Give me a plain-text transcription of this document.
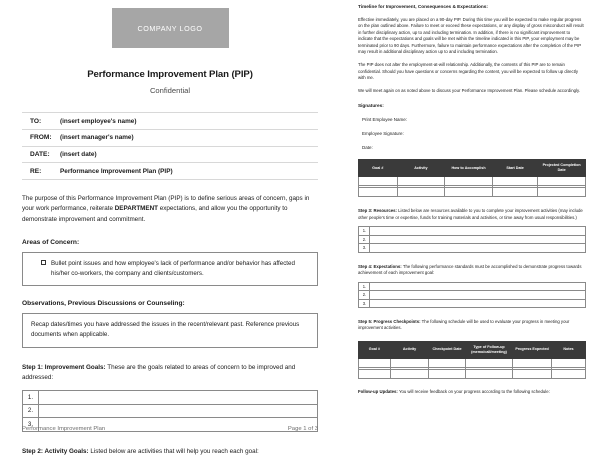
COMPANY LOGO
Performance Improvement Plan (PIP)
Confidential
TO:	(insert employee's name)
FROM:	(insert manager's name)
DATE:	(insert date)
RE:	Performance Improvement Plan (PIP)
The purpose of this Performance Improvement Plan (PIP) is to define serious areas of concern, gaps in your work performance, reiterate DEPARTMENT expectations, and allow you the opportunity to demonstrate improvement and commitment.
Areas of Concern:
Bullet point issues and how employee's lack of performance and/or behavior has affected his/her co-workers, the company and clients/customers.
Observations, Previous Discussions or Counseling:
Recap dates/times you have addressed the issues in the recent/relevant past. Reference previous documents when applicable.
Step 1: Improvement Goals: These are the goals related to areas of concern to be improved and addressed:
1.	
2.	
3.	
Step 2: Activity Goals: Listed below are activities that will help you reach each goal:
Performance Improvement Plan	Page 1 of 3
Timeline for Improvement, Consequences & Expectations:
Effective immediately, you are placed on a 90-day PIP. During this time you will be expected to make regular progress on the plan outlined above. Failure to meet or exceed these expectations, or any display of gross misconduct will result in further disciplinary action, up to and including termination. In addition, if there is no significant improvement to indicate that the expectations and goals will be met within the timeline indicated in this PIP, your employment may be terminated prior to 90 days. Furthermore, failure to maintain performance expectations after the completion of the PIP may result in additional disciplinary action up to and including termination.
The PIP does not alter the employment-at-will relationship. Additionally, the contents of this PIP are to remain confidential. Should you have questions or concerns regarding the content, you will be expected to follow up directly with me.
We will meet again on as noted above to discuss your Performance Improvement Plan. Please schedule accordingly.
Signatures:
Print Employee Name:
Employee Signature:
Date:
Goal #	Activity	How to Accomplish	Start Date	Projected Completion Date

Step 3: Resources: Listed below are resources available to you to complete your improvement activities (may include other people's time or expertise, funds for training materials and activities, or time away from usual responsibilities.)
1.	
2.	
3.	
Step 4: Expectations: The following performance standards must be accomplished to demonstrate progress towards achievement of each improvement goal:
1.	
2.	
3.	
Step 5: Progress Checkpoints: The following schedule will be used to evaluate your progress in meeting your improvement activities.
Goal #	Activity	Checkpoint Date	Type of Follow-up (memo/call/meeting)	Progress Expected	Notes

Follow-up Updates: You will receive feedback on your progress according to the following schedule:
